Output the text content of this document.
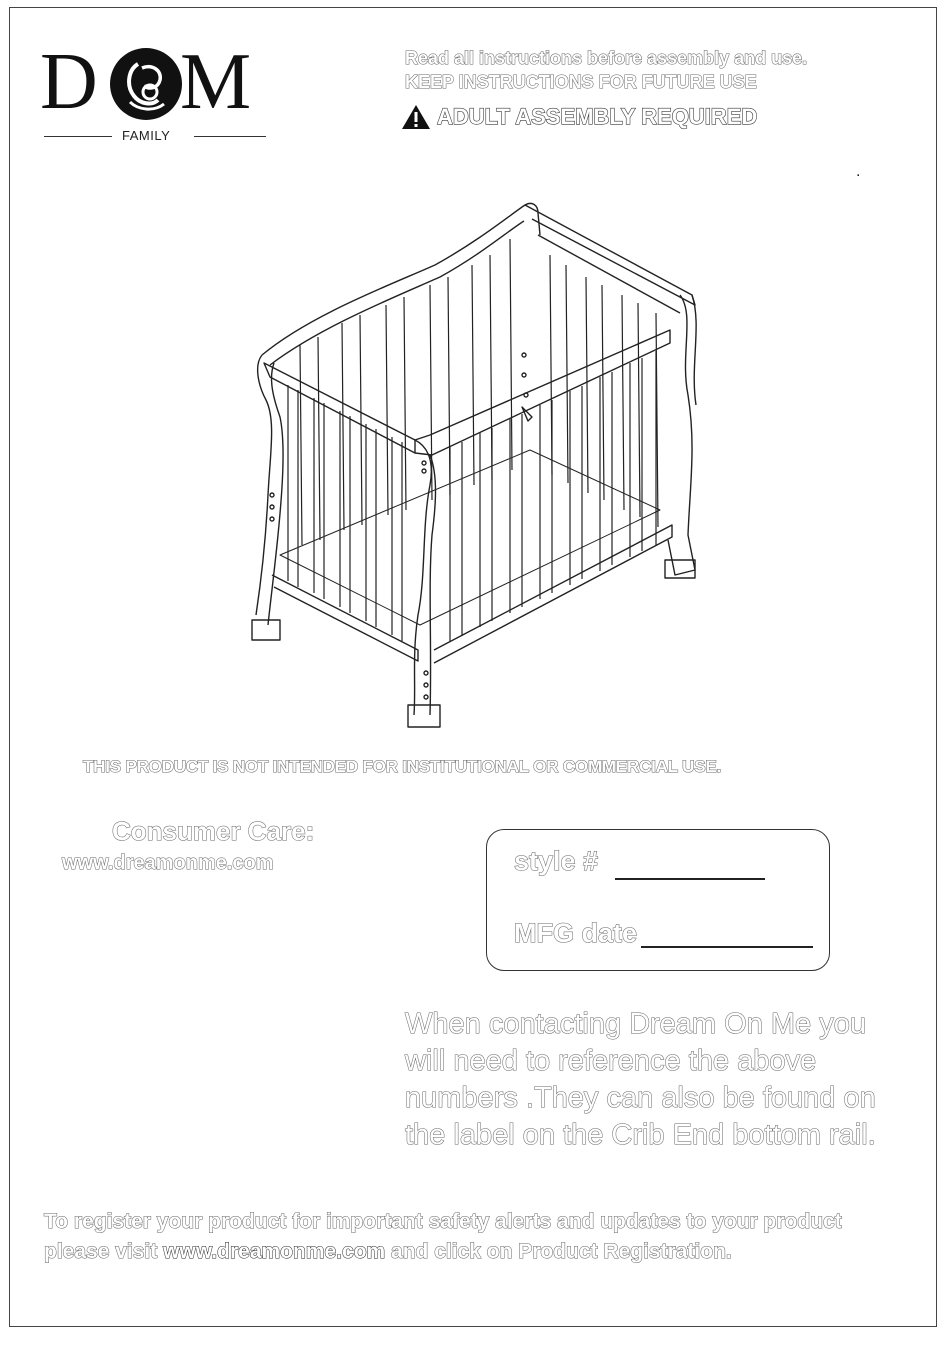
D M
FAMILY
Read all instructions before assembly and use.
KEEP INSTRUCTIONS FOR FUTURE USE
ADULT ASSEMBLY REQUIRED
.
THIS PRODUCT IS NOT INTENDED FOR INSTITUTIONAL OR COMMERCIAL USE.
Consumer Care:
www.dreamonme.com	style #
MFG date
When contacting Dream On Me you
will need to reference the above
numbers .They can also be found on
the label on the Crib End bottom rail.
To register your product for important safety alerts and updates to your product
please visit www.dreamonme.com and click on Product Registration.
